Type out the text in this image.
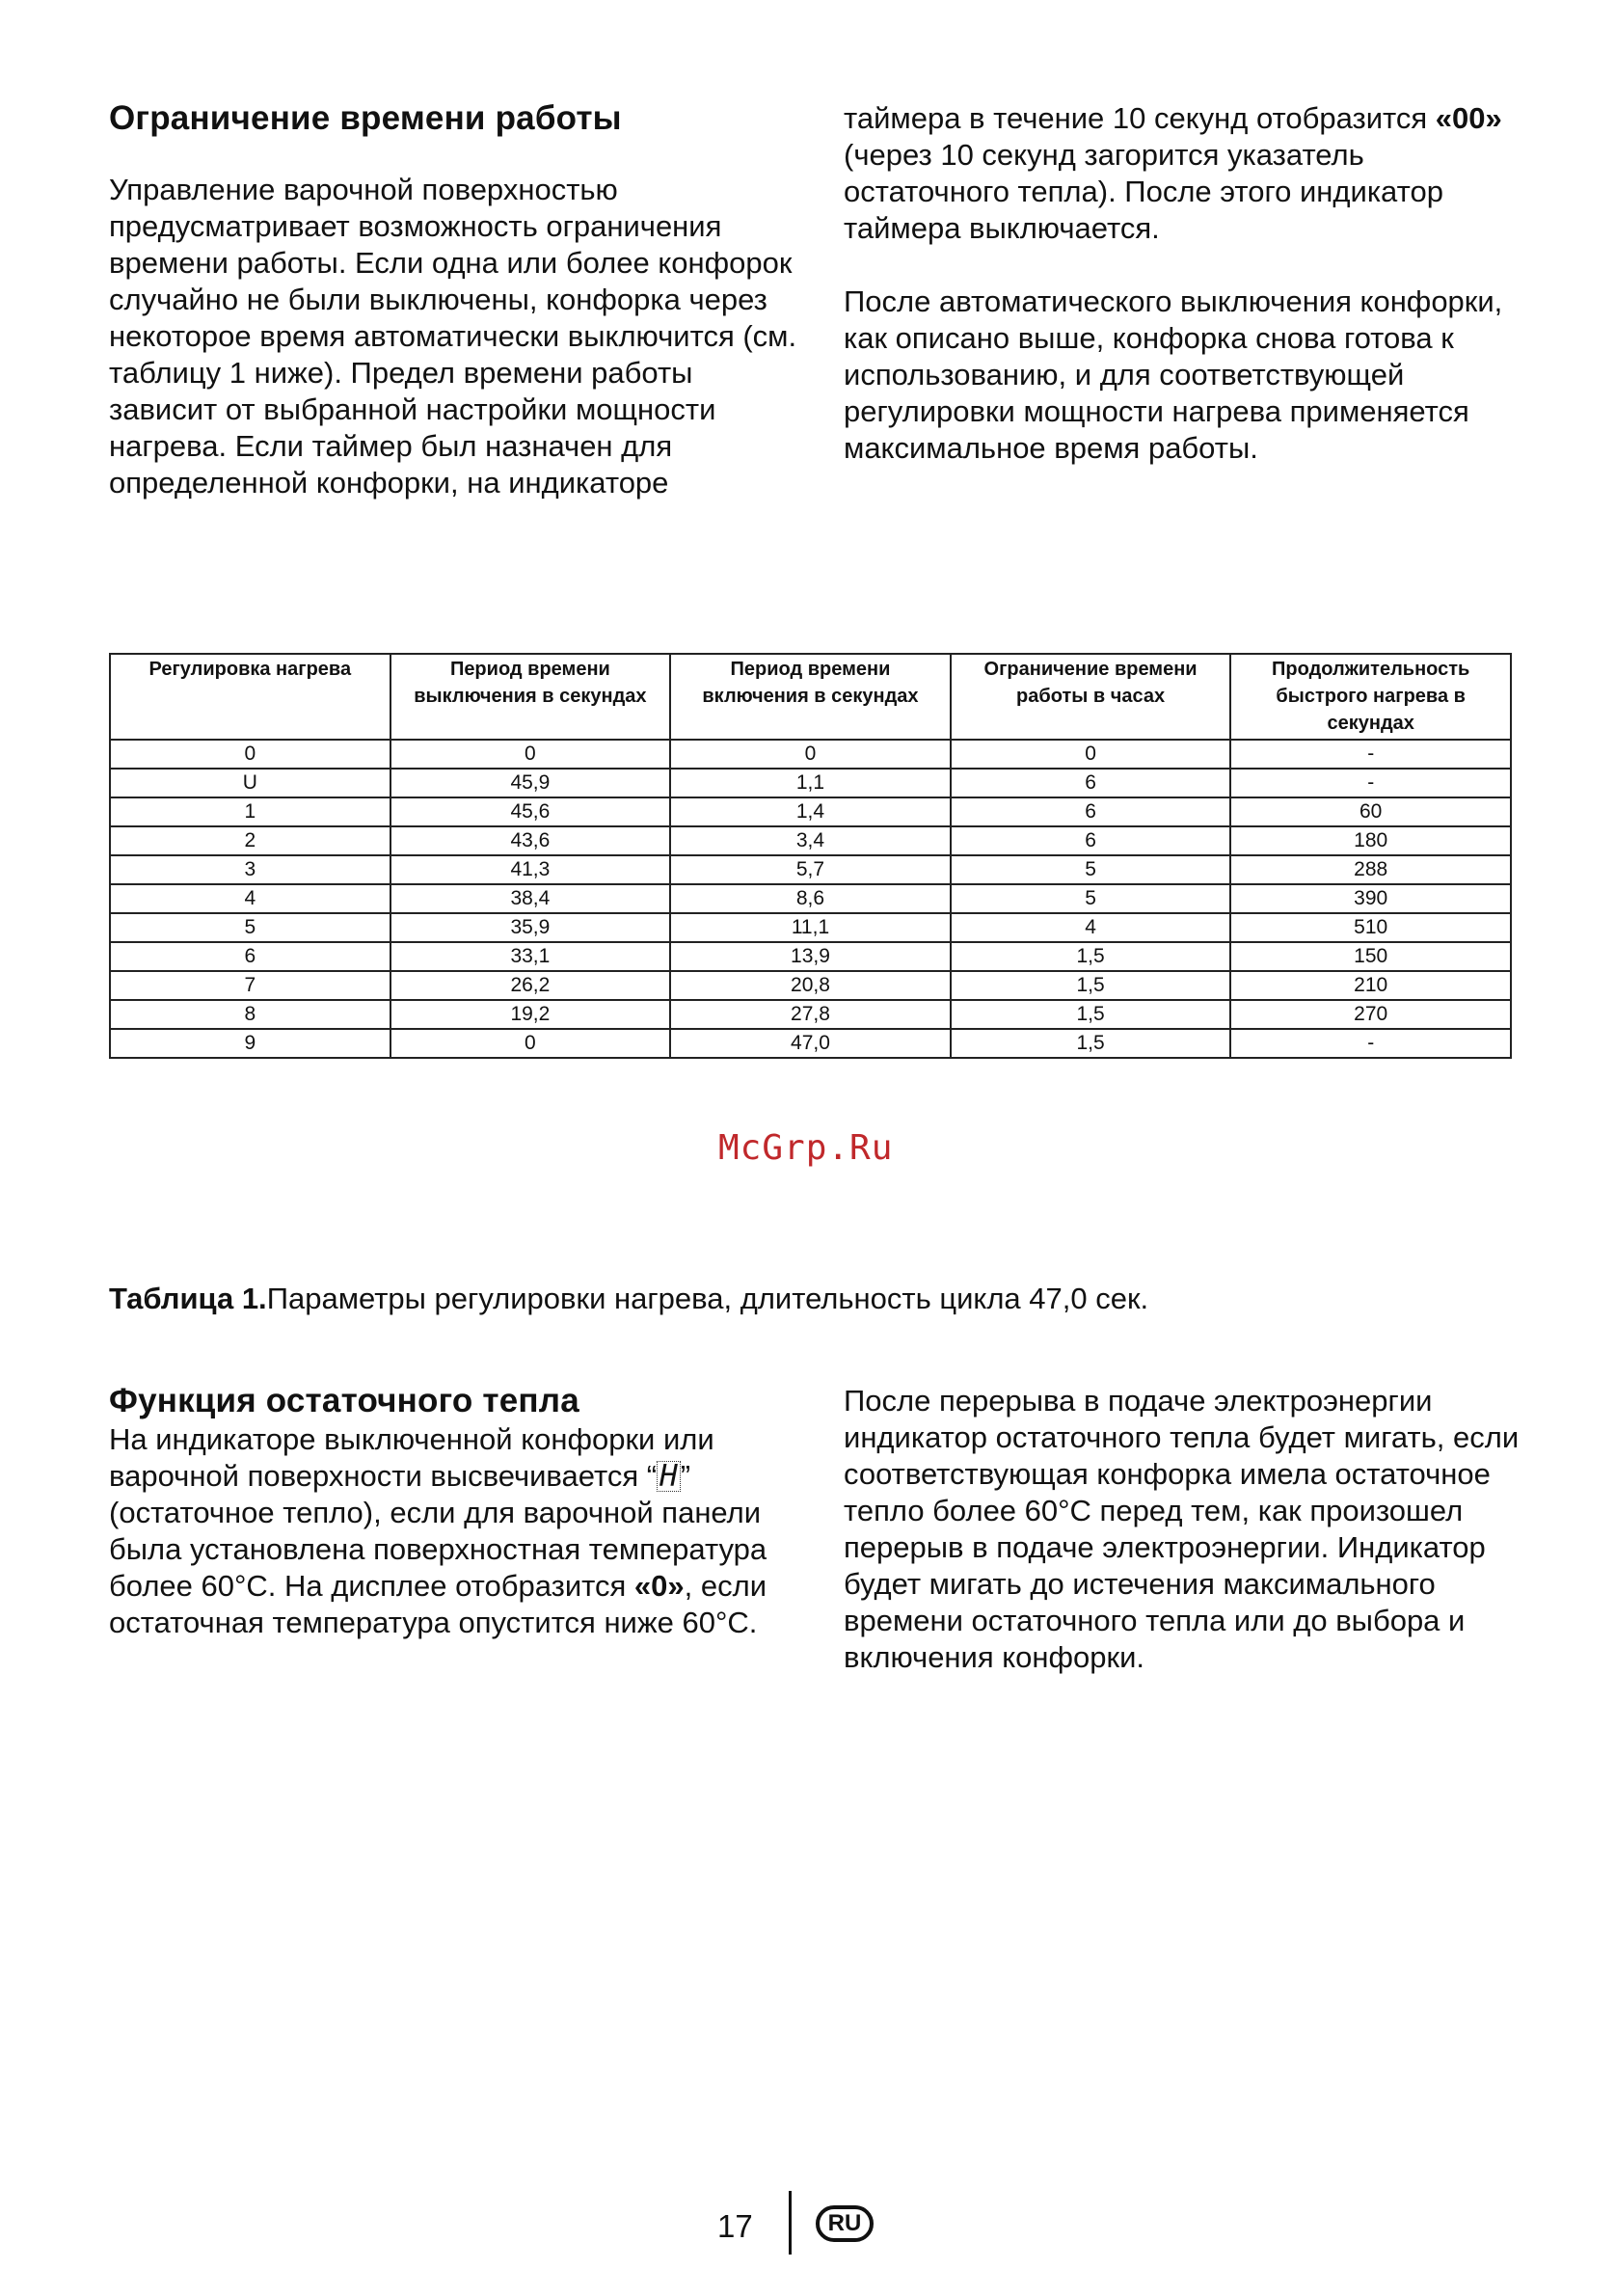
Ограничение времени работы

Управление варочной поверхностью предусматривает возможность ограничения времени работы. Если одна или более конфорок случайно не были выключены, конфорка через некоторое время автоматически выключится (см. таблицу 1 ниже). Предел времени работы зависит от выбранной настройки мощности нагрева. Если таймер был назначен для определенной конфорки, на индикаторе

таймера в течение 10 секунд отобразится «00» (через 10 секунд загорится указатель остаточного тепла). После этого индикатор таймера выключается.

После автоматического выключения конфорки, как описано выше, конфорка снова готова к использованию, и для соответствующей регулировки мощности нагрева применяется максимальное время работы.

Регулировка нагрева	Период времени выключения в секундах	Период времени включения в секундах	Ограничение времени работы в часах	Продолжительность быстрого нагрева в секундах
0	0	0	0	-
U	45,9	1,1	6	-
1	45,6	1,4	6	60
2	43,6	3,4	6	180
3	41,3	5,7	5	288
4	38,4	8,6	5	390
5	35,9	11,1	4	510
6	33,1	13,9	1,5	150
7	26,2	20,8	1,5	210
8	19,2	27,8	1,5	270
9	0	47,0	1,5	-
McGrp.Ru
Таблица 1.Параметры регулировки нагрева, длительность цикла 47,0 сек.
Функция остаточного тепла

На индикаторе выключенной конфорки или варочной поверхности высвечивается “H” (остаточное тепло), если для варочной панели была установлена поверхностная температура более 60°C. На дисплее отобразится «0», если остаточная температура опустится ниже 60°C.

После перерыва в подаче электроэнергии индикатор остаточного тепла будет мигать, если соответствующая конфорка имела остаточное тепло более 60°C перед тем, как произошел перерыв в подаче электроэнергии. Индикатор будет мигать до истечения максимального времени остаточного тепла или до выбора и включения конфорки.

17	RU
